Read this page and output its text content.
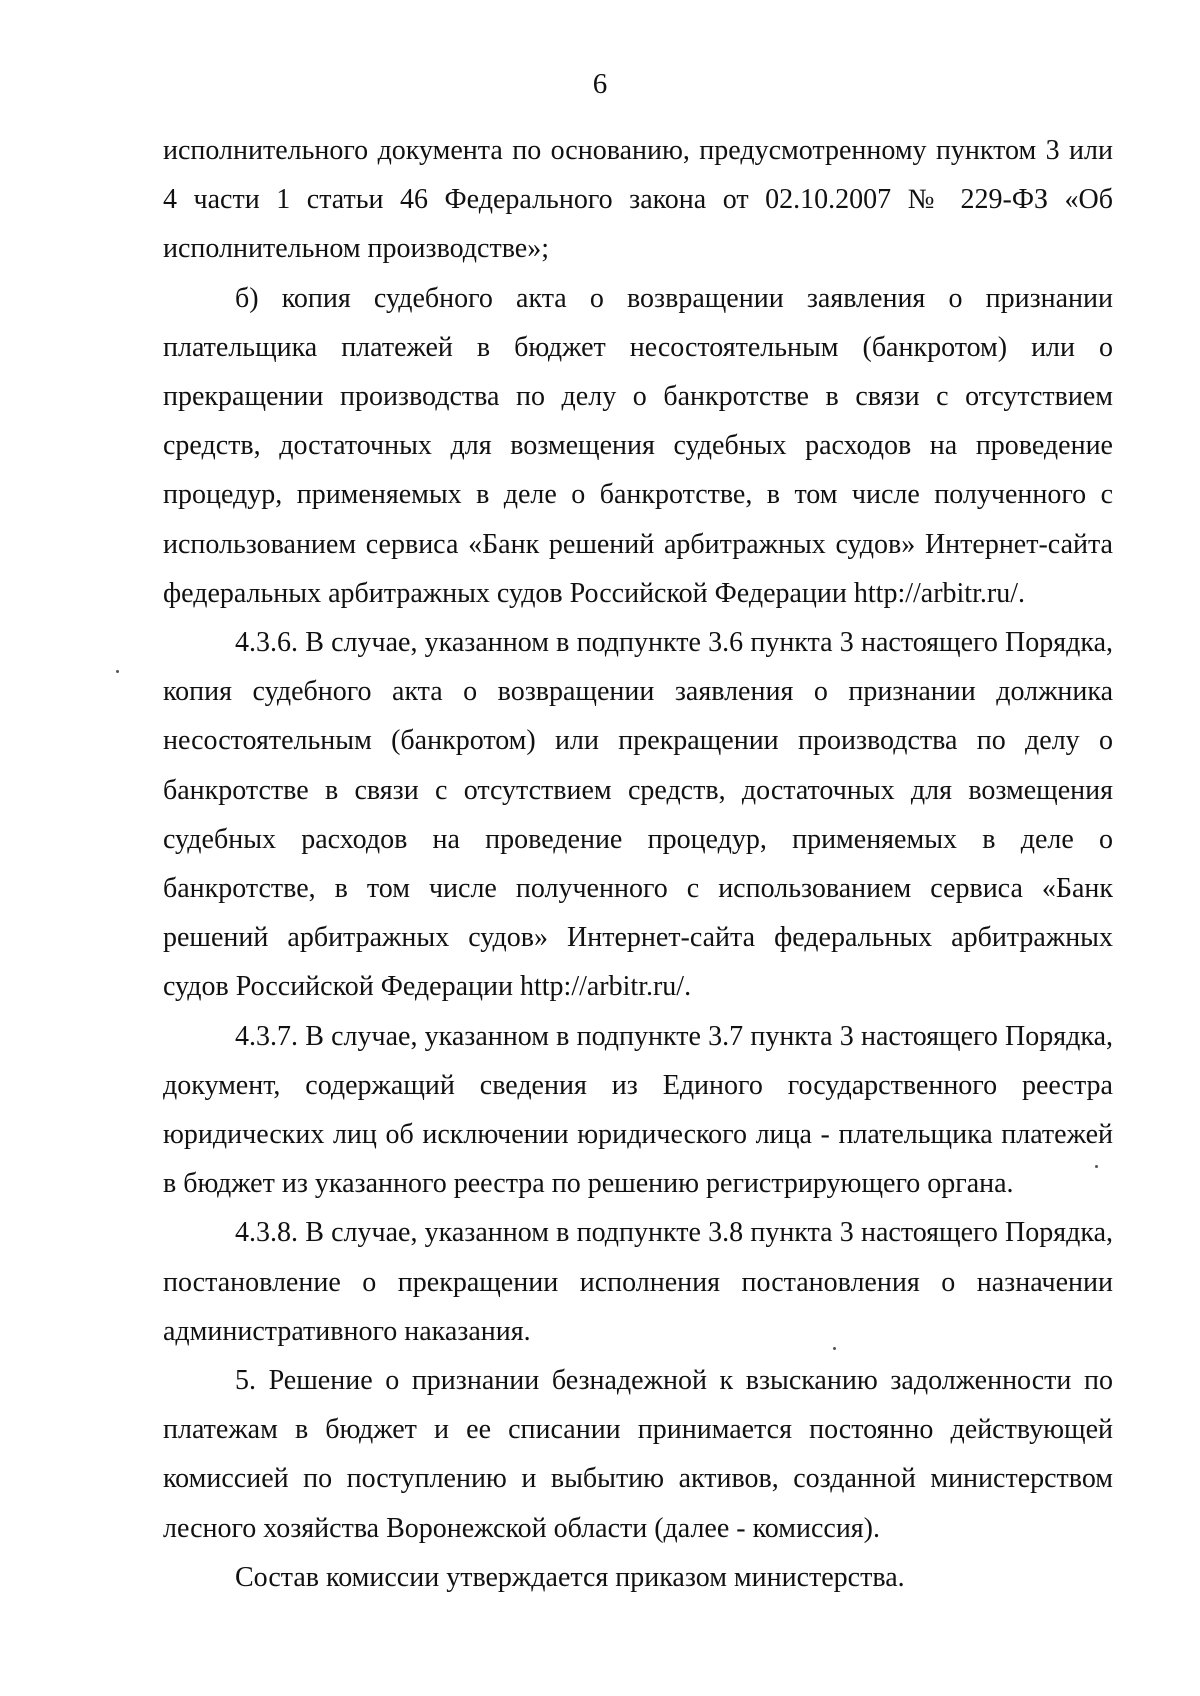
6

исполнительного документа по основанию, предусмотренному пунктом 3 или 4 части 1 статьи 46 Федерального закона от 02.10.2007 № 229-ФЗ «Об исполнительном производстве»;

б) копия судебного акта о возвращении заявления о признании плательщика платежей в бюджет несостоятельным (банкротом) или о прекращении производства по делу о банкротстве в связи с отсутствием средств, достаточных для возмещения судебных расходов на проведение процедур, применяемых в деле о банкротстве, в том числе полученного с использованием сервиса «Банк решений арбитражных судов» Интернет-сайта федеральных арбитражных судов Российской Федерации http://arbitr.ru/.

4.3.6. В случае, указанном в подпункте 3.6 пункта 3 настоящего Порядка, копия судебного акта о возвращении заявления о признании должника несостоятельным (банкротом) или прекращении производства по делу о банкротстве в связи с отсутствием средств, достаточных для возмещения судебных расходов на проведение процедур, применяемых в деле о банкротстве, в том числе полученного с использованием сервиса «Банк решений арбитражных судов» Интернет-сайта федеральных арбитражных судов Российской Федерации http://arbitr.ru/.

4.3.7. В случае, указанном в подпункте 3.7 пункта 3 настоящего Порядка, документ, содержащий сведения из Единого государственного реестра юридических лиц об исключении юридического лица - плательщика платежей в бюджет из указанного реестра по решению регистрирующего органа.

4.3.8. В случае, указанном в подпункте 3.8 пункта 3 настоящего Порядка, постановление о прекращении исполнения постановления о назначении административного наказания.

5. Решение о признании безнадежной к взысканию задолженности по платежам в бюджет и ее списании принимается постоянно действующей комиссией по поступлению и выбытию активов, созданной министерством лесного хозяйства Воронежской области (далее - комиссия).

Состав комиссии утверждается приказом министерства.
